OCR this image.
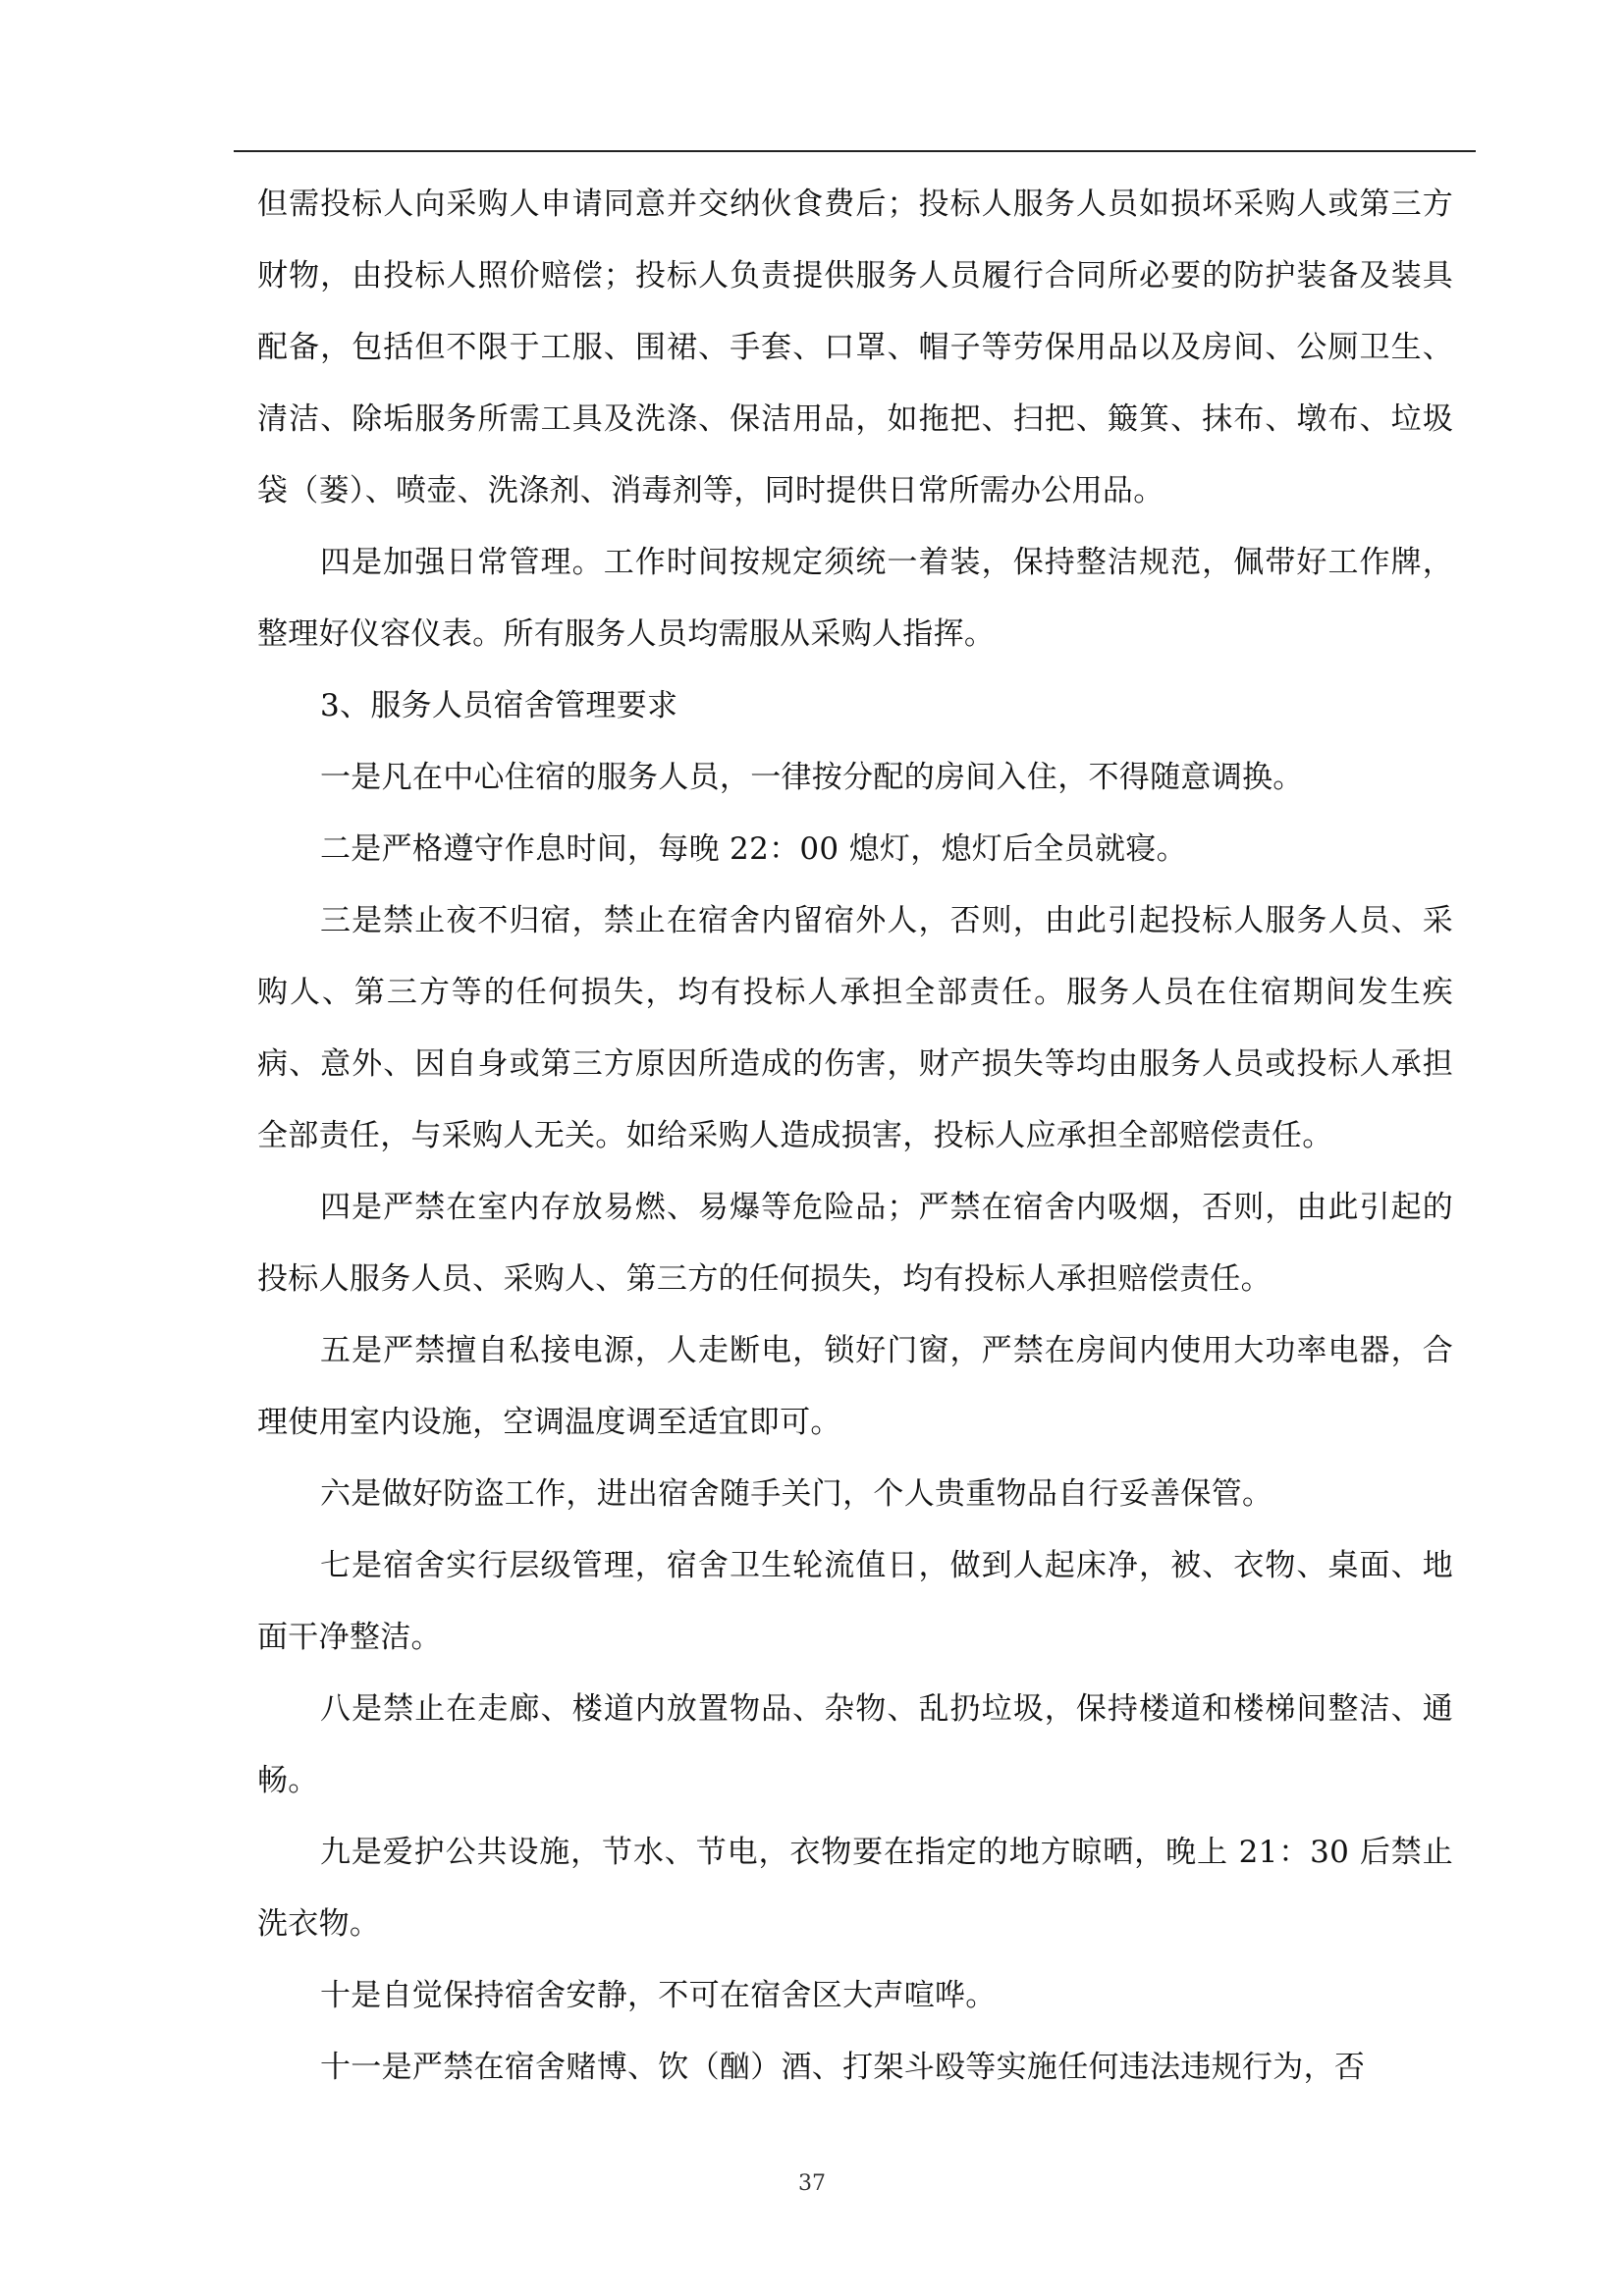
但需投标人向采购人申请同意并交纳伙食费后；投标人服务人员如损坏采购人或第三方财物，由投标人照价赔偿；投标人负责提供服务人员履行合同所必要的防护装备及装具配备，包括但不限于工服、围裙、手套、口罩、帽子等劳保用品以及房间、公厕卫生、清洁、除垢服务所需工具及洗涤、保洁用品，如拖把、扫把、簸箕、抹布、墩布、垃圾袋（蒌）、喷壶、洗涤剂、消毒剂等，同时提供日常所需办公用品。

四是加强日常管理。工作时间按规定须统一着装，保持整洁规范，佩带好工作牌，整理好仪容仪表。所有服务人员均需服从采购人指挥。

3、服务人员宿舍管理要求

一是凡在中心住宿的服务人员，一律按分配的房间入住，不得随意调换。

二是严格遵守作息时间，每晚 22：00 熄灯，熄灯后全员就寝。

三是禁止夜不归宿，禁止在宿舍内留宿外人，否则，由此引起投标人服务人员、采购人、第三方等的任何损失，均有投标人承担全部责任。服务人员在住宿期间发生疾病、意外、因自身或第三方原因所造成的伤害，财产损失等均由服务人员或投标人承担全部责任，与采购人无关。如给采购人造成损害，投标人应承担全部赔偿责任。

四是严禁在室内存放易燃、易爆等危险品；严禁在宿舍内吸烟，否则，由此引起的投标人服务人员、采购人、第三方的任何损失，均有投标人承担赔偿责任。

五是严禁擅自私接电源，人走断电，锁好门窗，严禁在房间内使用大功率电器，合理使用室内设施，空调温度调至适宜即可。

六是做好防盗工作，进出宿舍随手关门，个人贵重物品自行妥善保管。

七是宿舍实行层级管理，宿舍卫生轮流值日，做到人起床净，被、衣物、桌面、地面干净整洁。

八是禁止在走廊、楼道内放置物品、杂物、乱扔垃圾，保持楼道和楼梯间整洁、通畅。

九是爱护公共设施，节水、节电，衣物要在指定的地方晾晒，晚上 21：30 后禁止洗衣物。

十是自觉保持宿舍安静，不可在宿舍区大声喧哗。

十一是严禁在宿舍赌博、饮（酗）酒、打架斗殴等实施任何违法违规行为，否

37
